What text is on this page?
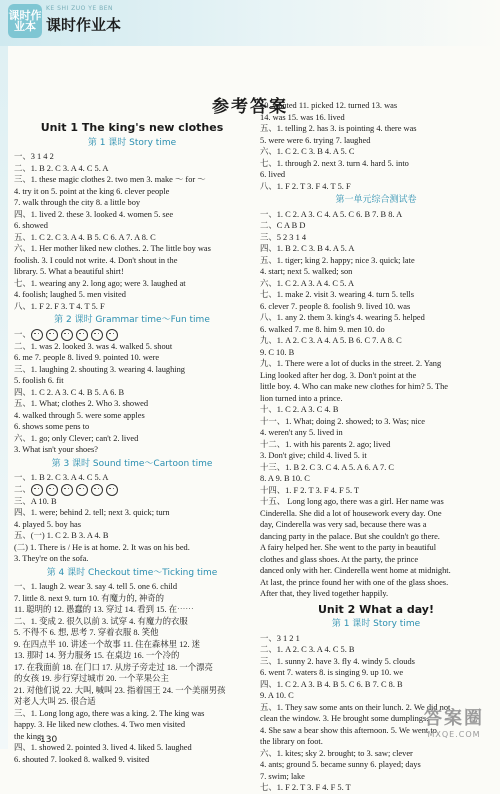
课时作业本
KE SHI ZUO YE BEN
课时作业本
参考答案
Unit 1 The king's new clothes
第 1 课时 Story time
一、3 1 4 2
二、1. B 2. C 3. A 4. C 5. A
三、1. these magic clothes 2. two men 3. make ～ for ～
4. try it on 5. point at the king 6. clever people
7. walk through the city 8. a little boy
四、1. lived 2. these 3. looked 4. women 5. see
6. showed
五、1. C 2. C 3. A 4. B 5. C 6. A 7. A 8. C
六、1. Her mother liked new clothes. 2. The little boy was
foolish. 3. I could not write. 4. Don't shout in the
library. 5. What a beautiful shirt!
七、1. wearing any 2. long ago; were 3. laughed at
4. foolish; laughed 5. men visited
八、1. F 2. F 3. T 4. T 5. F
第 2 课时 Grammar time～Fun time
一、
二、1. was 2. looked 3. was 4. walked 5. shout
6. me 7. people 8. lived 9. pointed 10. were
三、1. laughing 2. shouting 3. wearing 4. laughing
5. foolish 6. fit
四、1. C 2. A 3. C 4. B 5. A 6. B
五、1. What; clothes 2. Who 3. showed
4. walked through 5. were some apples
6. shows some pens to
六、1. go; only Clever; can't 2. lived
3. What isn't your shoes?
第 3 课时 Sound time～Cartoon time
一、1. B 2. C 3. A 4. C 5. A
二、
三、A 10. B
四、1. were; behind 2. tell; next 3. quick; turn
4. played 5. boy has
五、(一) 1. C 2. B 3. A 4. B
(二) 1. There is / He is at home. 2. It was on his bed.
3. They're on the sofa.
第 4 课时 Checkout time～Ticking time
一、1. laugh 2. wear 3. say 4. tell 5. one 6. child
7. little 8. next 9. turn 10. 有魔力的, 神奇的
11. 聪明的 12. 愚蠢的 13. 穿过 14. 看到 15. 在⋯⋯
二、1. 变成 2. 很久以前 3. 试穿 4. 有魔力的衣服
5. 不得不 6. 想, 思考 7. 穿着衣服 8. 笑他
9. 在四点半 10. 讲述一个故事 11. 住在森林里 12. 迷
13. 那时 14. 努力服务 15. 在桌边 16. 一个冷的
17. 在我面前 18. 在门口 17. 从房子旁走过 18. 一个漂亮
的女孩 19. 步行穿过城市 20. 一个苹果公主
21. 对他们说 22. 大叫, 喊叫 23. 指着国王 24. 一个美丽男孩
对老人大叫 25. 很合适
三、1. Long long ago, there was a king. 2. The king was
happy. 3. He liked new clothes. 4. Two men visited
the king.
四、1. showed 2. pointed 3. lived 4. liked 5. laughed
6. shouted 7. looked 8. walked 9. visited
10. wanted 11. picked 12. turned 13. was
14. was 15. was 16. lived
五、1. telling 2. has 3. is pointing 4. there was
5. were were 6. trying 7. laughed
六、1. C 2. C 3. B 4. A 5. C
七、1. through 2. next 3. turn 4. hard 5. into
6. lived
八、1. F 2. T 3. F 4. T 5. F
第一单元综合测试卷
一、1. C 2. A 3. C 4. A 5. C 6. B 7. B 8. A
二、C A B D
三、5 2 3 1 4
四、1. B 2. C 3. B 4. A 5. A
五、1. tiger; king 2. happy; nice 3. quick; late
4. start; next 5. walked; son
六、1. C 2. A 3. A 4. C 5. A
七、1. make 2. visit 3. wearing 4. turn 5. tells
6. clever 7. people 8. foolish 9. lived 10. was
八、1. any 2. them 3. king's 4. wearing 5. helped
6. walked 7. me 8. him 9. men 10. do
九、1. A 2. C 3. A 4. A 5. B 6. C 7. A 8. C
9. C 10. B
九、1. There were a lot of ducks in the street. 2. Yang
Ling looked after her dog. 3. Don't point at the
little boy. 4. Who can make new clothes for him? 5. The
lion turned into a prince.
十、1. C 2. A 3. C 4. B
十一、1. What; doing 2. showed; to 3. Was; nice
4. weren't any 5. lived in
十二、1. with his parents 2. ago; lived
3. Don't give; child 4. lived 5. it
十三、1. B 2. C 3. C 4. A 5. A 6. A 7. C
8. A 9. B 10. C
十四、1. F 2. T 3. F 4. F 5. T
十五、 Long long ago, there was a girl. Her name was
Cinderella. She did a lot of housework every day. One
day, Cinderella was very sad, because there was a
dancing party in the palace. But she couldn't go there.
A fairy helped her. She went to the party in beautiful
clothes and glass shoes. At the party, the prince
danced only with her. Cinderella went home at midnight.
At last, the prince found her with one of the glass shoes.
After that, they lived together happily.
Unit 2 What a day!
第 1 课时 Story time
一、3 1 2 1
二、1. A 2. C 3. A 4. C 5. B
三、1. sunny 2. have 3. fly 4. windy 5. clouds
6. went 7. waters 8. is singing 9. up 10. we
四、1. C 2. A 3. B 4. B 5. C 6. B 7. C 8. B
9. A 10. C
五、1. They saw some ants on their lunch. 2. We did not
clean the window. 3. He brought some dumplings.
4. She saw a bear show this afternoon. 5. We went to
the library on foot.
六、1. kites; sky 2. brought; to 3. saw; clever
4. ants; ground 5. became sunny 6. played; days
7. swim; lake
七、1. F 2. T 3. F 4. F 5. T
130
答案圈
MXQE.COM
